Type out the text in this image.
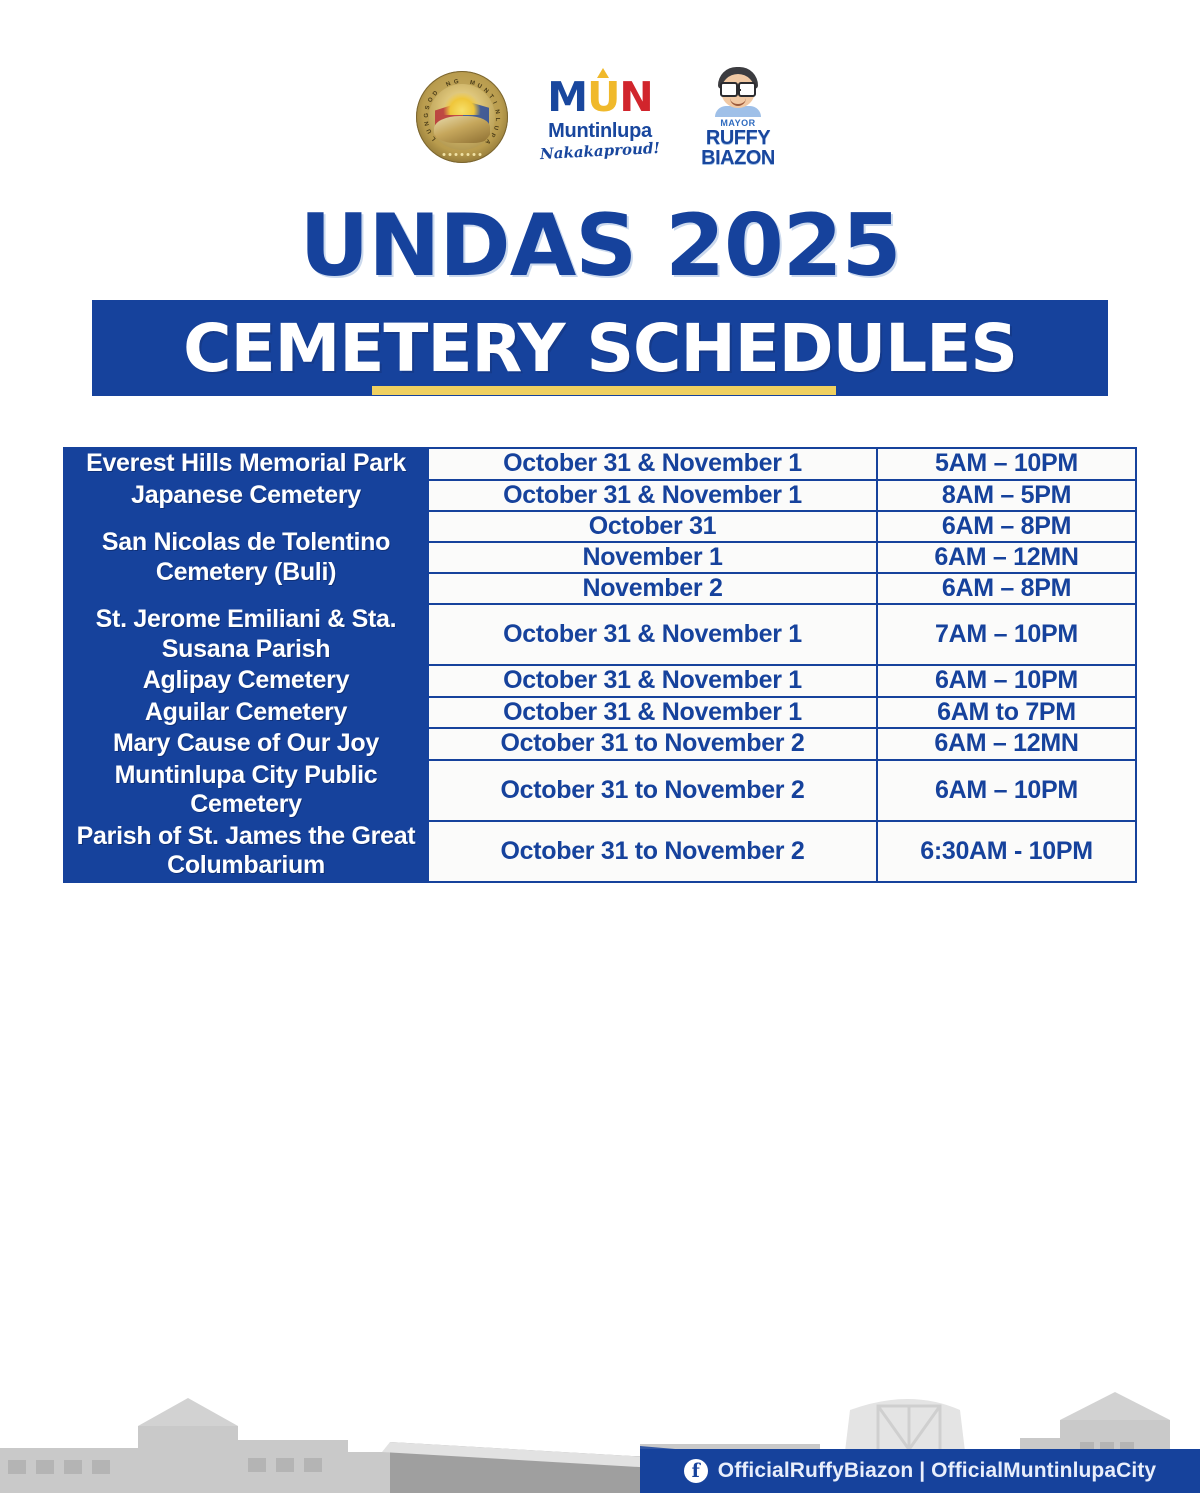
L
U
N
G
S
O
D
N G M U
N
T
I
N
L
U
P
A
M U N
Muntinlupa
Nakakaproud!
MAYOR
RUFFY
BIAZON
UNDAS 2025
CEMETERY SCHEDULES
Everest Hills Memorial Park	October 31 & November 1	5AM – 10PM
Japanese Cemetery	October 31 & November 1	8AM – 5PM
San Nicolas de Tolentino Cemetery (Buli)	October 31	6AM – 8PM
	November 1	6AM – 12MN
	November 2	6AM – 8PM
St. Jerome Emiliani & Sta. Susana Parish	October 31 & November 1	7AM – 10PM
Aglipay Cemetery	October 31 & November 1	6AM – 10PM
Aguilar Cemetery	October 31 & November 1	6AM to 7PM
Mary Cause of Our Joy	October 31 to November 2	6AM – 12MN
Muntinlupa City Public Cemetery	October 31 to November 2	6AM – 10PM
Parish of St. James the Great Columbarium	October 31 to November 2	6:30AM - 10PM
f OfficialRuffyBiazon | OfficialMuntinlupaCity
